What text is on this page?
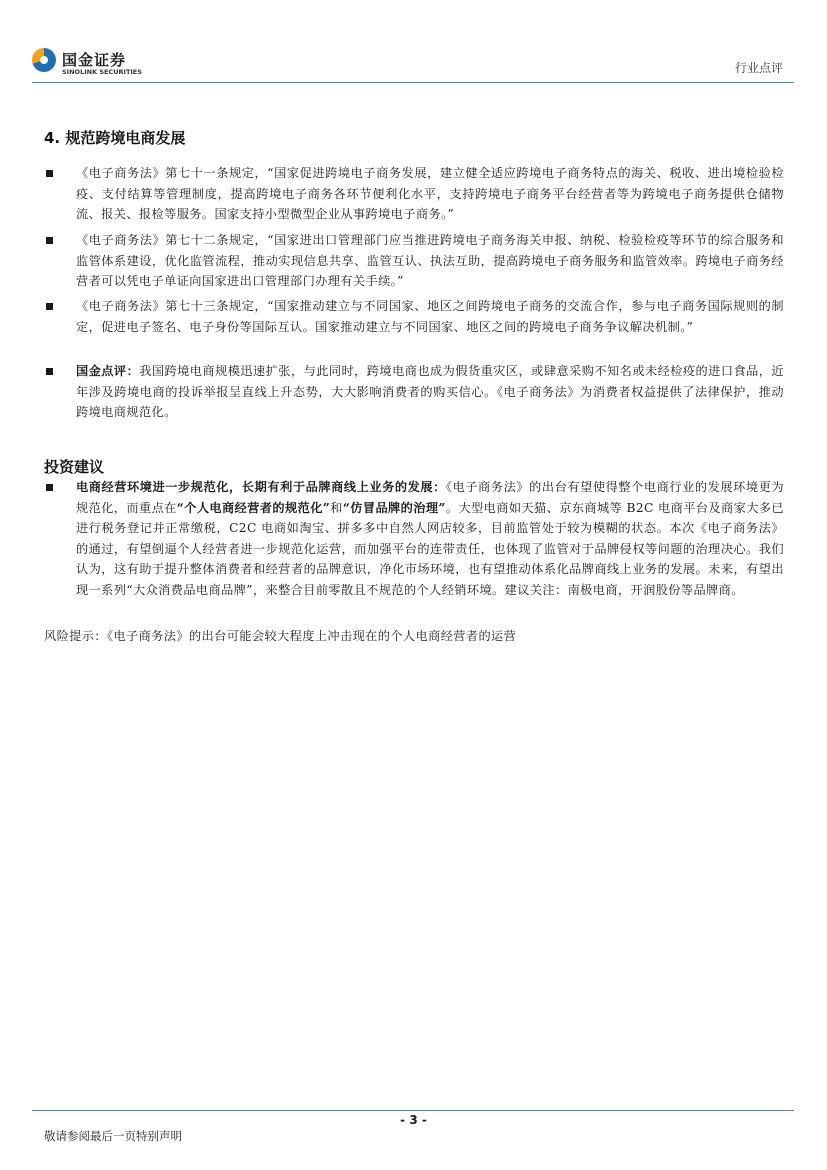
国金证券
SINOLINK SECURITIES	行业点评
4. 规范跨境电商发展
《电子商务法》第七十一条规定，“国家促进跨境电子商务发展，建立健全适应跨境电子商务特点的海关、税收、进出境检验检疫、支付结算等管理制度，提高跨境电子商务各环节便利化水平，支持跨境电子商务平台经营者等为跨境电子商务提供仓储物流、报关、报检等服务。国家支持小型微型企业从事跨境电子商务。”
《电子商务法》第七十二条规定，“国家进出口管理部门应当推进跨境电子商务海关申报、纳税、检验检疫等环节的综合服务和监管体系建设，优化监管流程，推动实现信息共享、监管互认、执法互助，提高跨境电子商务服务和监管效率。跨境电子商务经营者可以凭电子单证向国家进出口管理部门办理有关手续。”
《电子商务法》第七十三条规定，“国家推动建立与不同国家、地区之间跨境电子商务的交流合作，参与电子商务国际规则的制定，促进电子签名、电子身份等国际互认。国家推动建立与不同国家、地区之间的跨境电子商务争议解决机制。”
国金点评：我国跨境电商规模迅速扩张，与此同时，跨境电商也成为假货重灾区，或肆意采购不知名或未经检疫的进口食品，近年涉及跨境电商的投诉举报呈直线上升态势，大大影响消费者的购买信心。《电子商务法》为消费者权益提供了法律保护，推动跨境电商规范化。
投资建议
电商经营环境进一步规范化，长期有利于品牌商线上业务的发展：《电子商务法》的出台有望使得整个电商行业的发展环境更为规范化，而重点在“个人电商经营者的规范化”和“仿冒品牌的治理”。大型电商如天猫、京东商城等 B2C 电商平台及商家大多已进行税务登记并正常缴税，C2C 电商如淘宝、拼多多中自然人网店较多，目前监管处于较为模糊的状态。本次《电子商务法》的通过，有望倒逼个人经营者进一步规范化运营，而加强平台的连带责任，也体现了监管对于品牌侵权等问题的治理决心。我们认为，这有助于提升整体消费者和经营者的品牌意识，净化市场环境，也有望推动体系化品牌商线上业务的发展。未来，有望出现一系列“大众消费品电商品牌”，来整合目前零散且不规范的个人经销环境。建议关注：南极电商，开润股份等品牌商。
风险提示：《电子商务法》的出台可能会较大程度上冲击现在的个人电商经营者的运营
- 3 -
敬请参阅最后一页特别声明
